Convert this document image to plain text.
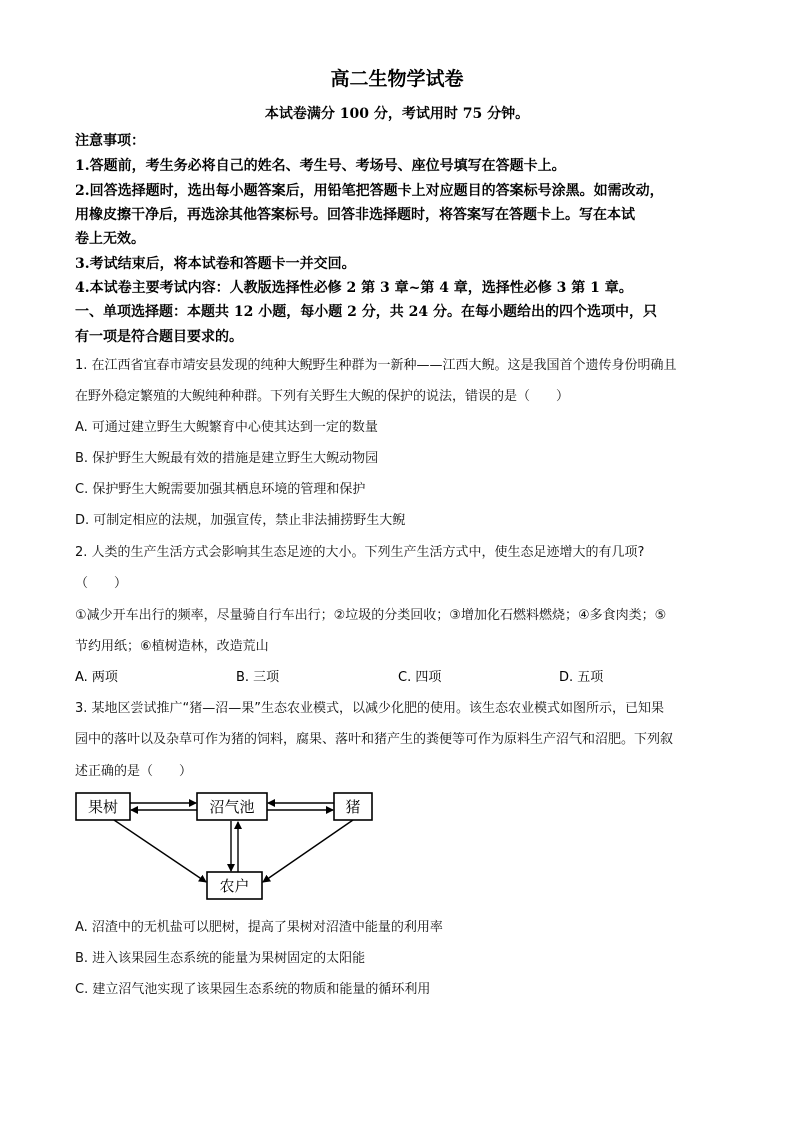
高二生物学试卷
本试卷满分 100 分，考试用时 75 分钟。
注意事项：
1.答题前，考生务必将自己的姓名、考生号、考场号、座位号填写在答题卡上。
2.回答选择题时，选出每小题答案后，用铅笔把答题卡上对应题目的答案标号涂黑。如需改动，
用橡皮擦干净后，再选涂其他答案标号。回答非选择题时，将答案写在答题卡上。写在本试
卷上无效。
3.考试结束后，将本试卷和答题卡一并交回。
4.本试卷主要考试内容：人教版选择性必修 2 第 3 章~第 4 章，选择性必修 3 第 1 章。
一、单项选择题：本题共 12 小题，每小题 2 分，共 24 分。在每小题给出的四个选项中，只
有一项是符合题目要求的。
1. 在江西省宜春市靖安县发现的纯种大鲵野生种群为一新种——江西大鲵。这是我国首个遗传身份明确且
在野外稳定繁殖的大鲵纯种种群。下列有关野生大鲵的保护的说法，错误的是（　　）
A. 可通过建立野生大鲵繁育中心使其达到一定的数量
B. 保护野生大鲵最有效的措施是建立野生大鲵动物园
C. 保护野生大鲵需要加强其栖息环境的管理和保护
D. 可制定相应的法规，加强宣传，禁止非法捕捞野生大鲵
2. 人类的生产生活方式会影响其生态足迹的大小。下列生产生活方式中，使生态足迹增大的有几项?
（　　）
①减少开车出行的频率，尽量骑自行车出行；②垃圾的分类回收；③增加化石燃料燃烧；④多食肉类；⑤
节约用纸；⑥植树造林，改造荒山
A. 两项	B. 三项	C. 四项	D. 五项
3. 某地区尝试推广“猪—沼—果”生态农业模式，以减少化肥的使用。该生态农业模式如图所示，已知果
园中的落叶以及杂草可作为猪的饲料，腐果、落叶和猪产生的粪便等可作为原料生产沼气和沼肥。下列叙
述正确的是（　　）
果树	沼气池	猪
农户
A. 沼渣中的无机盐可以肥树，提高了果树对沼渣中能量的利用率
B. 进入该果园生态系统的能量为果树固定的太阳能
C. 建立沼气池实现了该果园生态系统的物质和能量的循环利用
